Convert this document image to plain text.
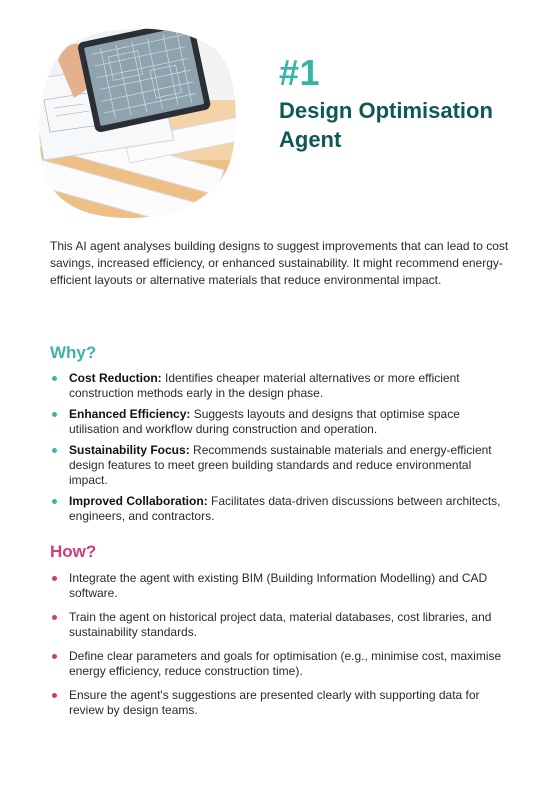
#1
Design Optimisation Agent

This AI agent analyses building designs to suggest improvements that can lead to cost savings, increased efficiency, or enhanced sustainability. It might recommend energy-efficient layouts or alternative materials that reduce environmental impact.

Why?
Cost Reduction: Identifies cheaper material alternatives or more efficient construction methods early in the design phase.
Enhanced Efficiency: Suggests layouts and designs that optimise space utilisation and workflow during construction and operation.
Sustainability Focus: Recommends sustainable materials and energy-efficient design features to meet green building standards and reduce environmental impact.
Improved Collaboration: Facilitates data-driven discussions between architects, engineers, and contractors.
How?
Integrate the agent with existing BIM (Building Information Modelling) and CAD software.
Train the agent on historical project data, material databases, cost libraries, and sustainability standards.
Define clear parameters and goals for optimisation (e.g., minimise cost, maximise energy efficiency, reduce construction time).
Ensure the agent's suggestions are presented clearly with supporting data for review by design teams.
